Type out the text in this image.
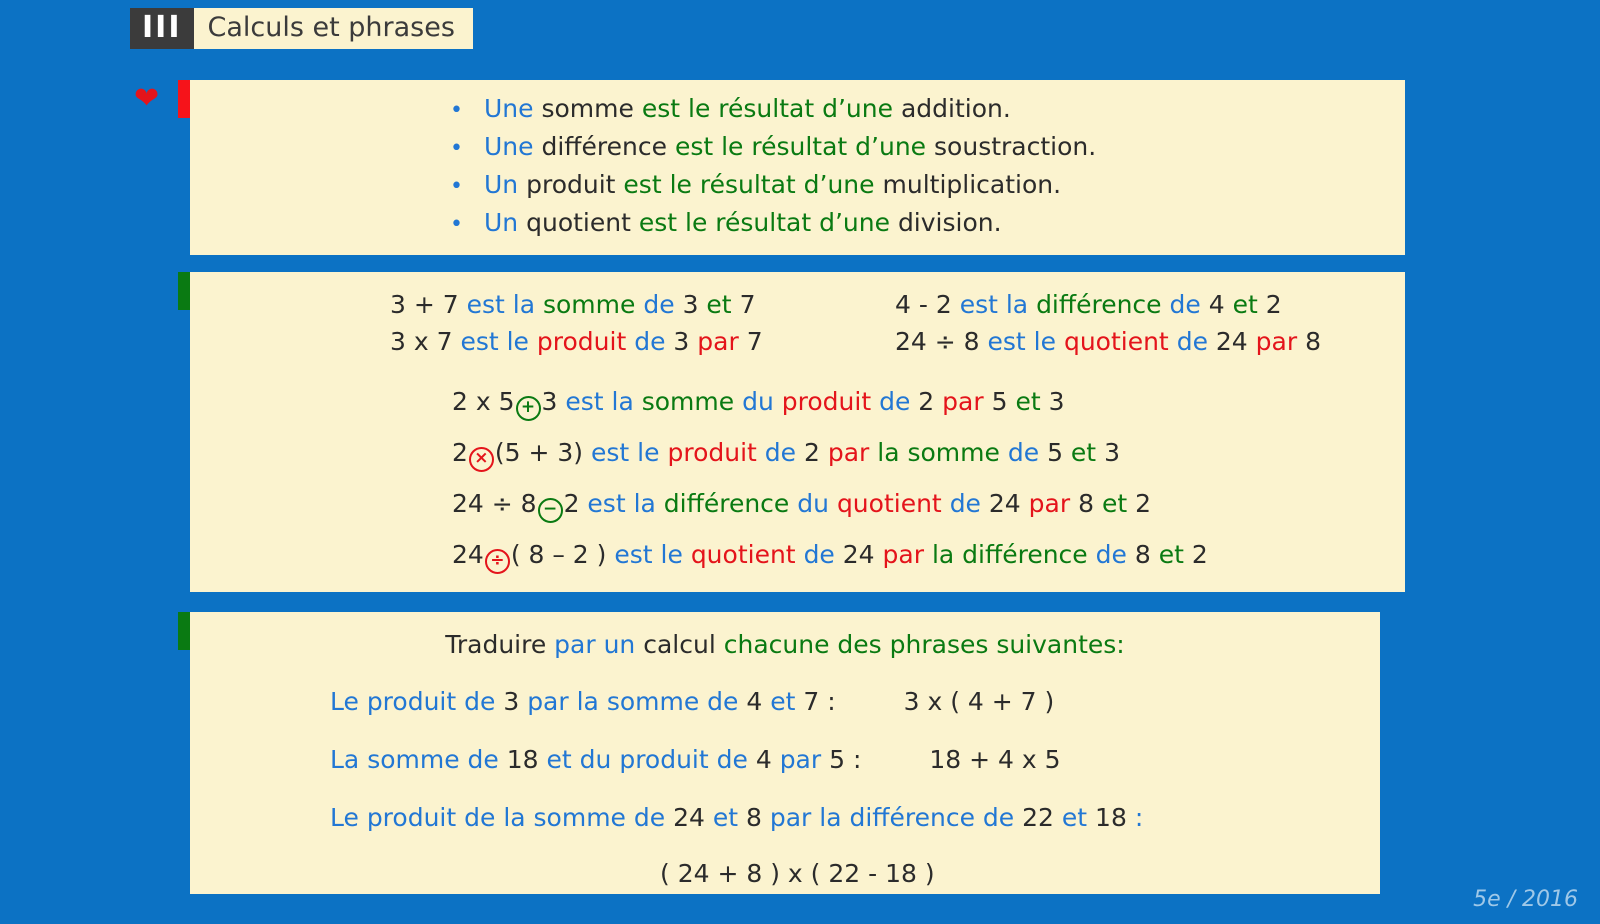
III Calculs et phrases
❤	• Une
somme
est le résultat d’une
addition.
• Une
différence
est le résultat d’une
soustraction.
• Un
produit
est le résultat d’une
multiplication.
• Un
quotient
est le résultat d’une
division.
3 + 7 est la somme de 3 et 7
3 x 7 est le produit de 3 par 7
4 - 2 est la différence de 4 et 2
24 ÷ 8 est le quotient de 24 par 8
2 x 5 + 3 est la somme du produit de 2 par 5 et 3
2 × (5 + 3) est le produit de 2 par la somme de 5 et 3
24 ÷ 8 − 2 est la différence du quotient de 24 par 8 et 2
24 ÷ ( 8 – 2 ) est le quotient de 24 par la différence de 8 et 2
Traduire par un calcul chacune des phrases suivantes:
Le produit de 3 par la somme de 4 et 7 :	3 x ( 4 + 7 )
La somme de 18 et du produit de 4 par 5 :	18 + 4 x 5
Le produit de la somme de 24 et 8 par la différence de 22 et 18 :
( 24 + 8 ) x ( 22 - 18 )
5e / 2016
